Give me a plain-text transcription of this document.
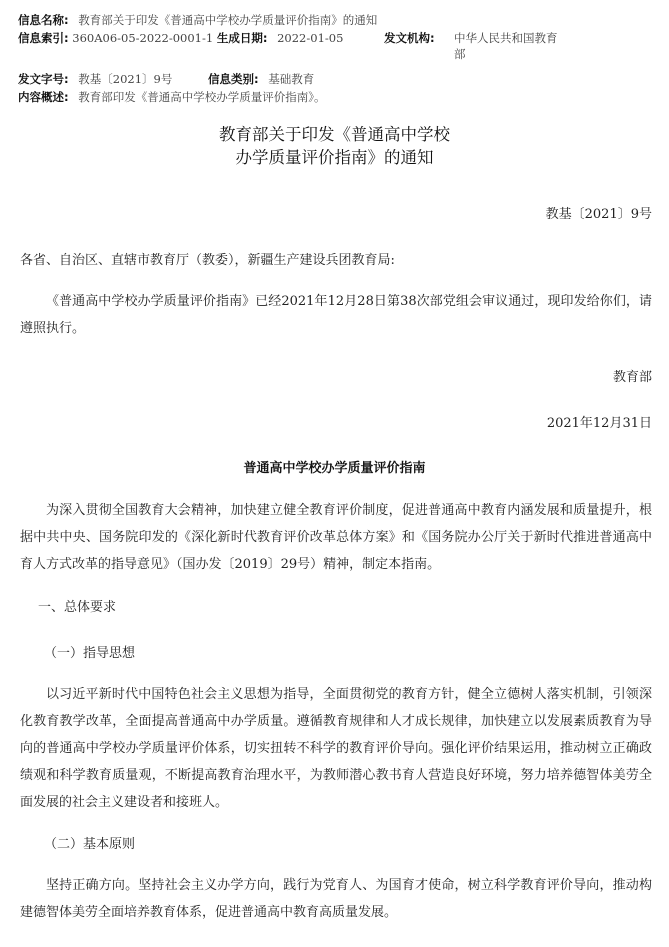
信息名称: 教育部关于印发《普通高中学校办学质量评价指南》的通知
信息索引: 360A06-05-2022-0001-1 生成日期: 2022-01-05	发文机构: 中华人民共和国教育
部
发文字号: 教基〔2021〕9号	信息类别: 基础教育
内容概述: 教育部印发《普通高中学校办学质量评价指南》。
教育部关于印发《普通高中学校
办学质量评价指南》的通知
教基〔2021〕9号
各省、自治区、直辖市教育厅（教委），新疆生产建设兵团教育局:
《普通高中学校办学质量评价指南》已经2021年12月28日第38次部党组会审议通过，现印发给你们，请遵照执行。
教育部
2021年12月31日
普通高中学校办学质量评价指南
为深入贯彻全国教育大会精神，加快建立健全教育评价制度，促进普通高中教育内涵发展和质量提升，根据中共中央、国务院印发的《深化新时代教育评价改革总体方案》和《国务院办公厅关于新时代推进普通高中育人方式改革的指导意见》（国办发〔2019〕29号）精神，制定本指南。
一、总体要求
（一）指导思想
以习近平新时代中国特色社会主义思想为指导，全面贯彻党的教育方针，健全立德树人落实机制，引领深化教育教学改革，全面提高普通高中办学质量。遵循教育规律和人才成长规律，加快建立以发展素质教育为导向的普通高中学校办学质量评价体系，切实扭转不科学的教育评价导向。强化评价结果运用，推动树立正确政绩观和科学教育质量观，不断提高教育治理水平，为教师潜心教书育人营造良好环境，努力培养德智体美劳全面发展的社会主义建设者和接班人。
（二）基本原则
坚持正确方向。坚持社会主义办学方向，践行为党育人、为国育才使命，树立科学教育评价导向，推动构建德智体美劳全面培养教育体系，促进普通高中教育高质量发展。
